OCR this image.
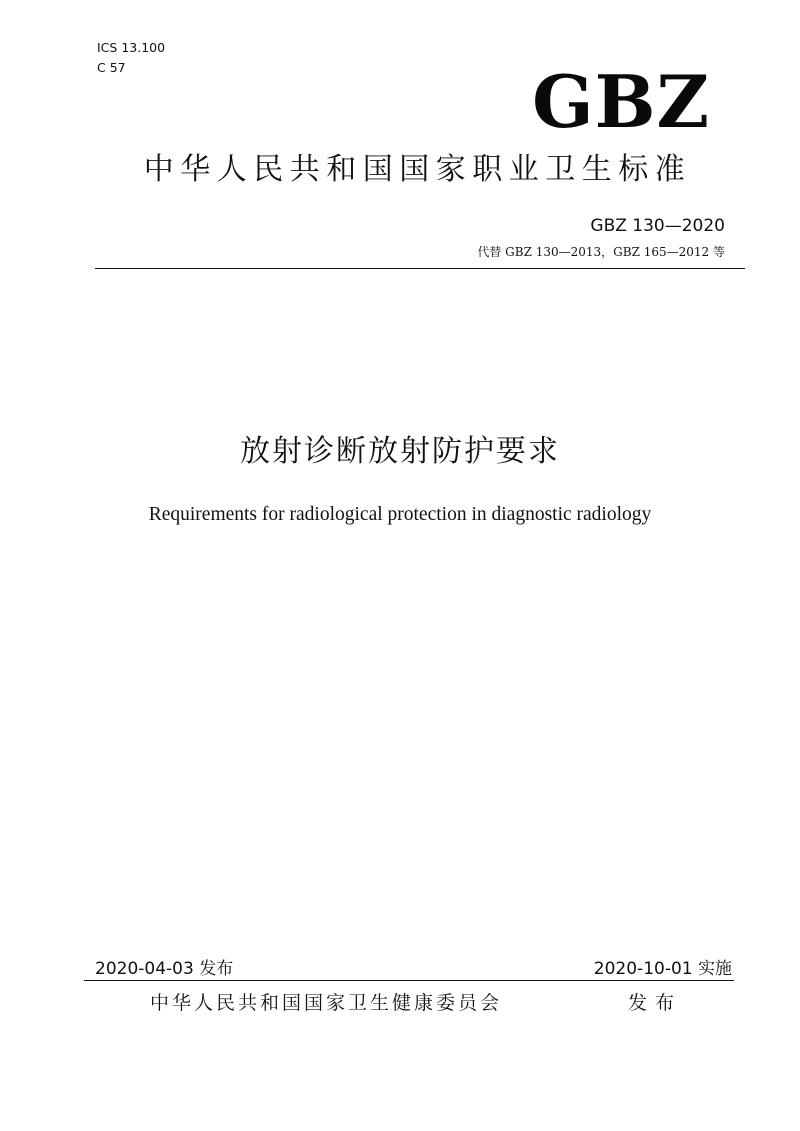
ICS 13.100
C 57	GBZ
中华人民共和国国家职业卫生标准
GBZ 130—2020
代替 GBZ 130—2013，GBZ 165—2012 等
放射诊断放射防护要求
Requirements for radiological protection in diagnostic radiology
2020-04-03 发布	2020-10-01 实施
中华人民共和国国家卫生健康委员会	发布
